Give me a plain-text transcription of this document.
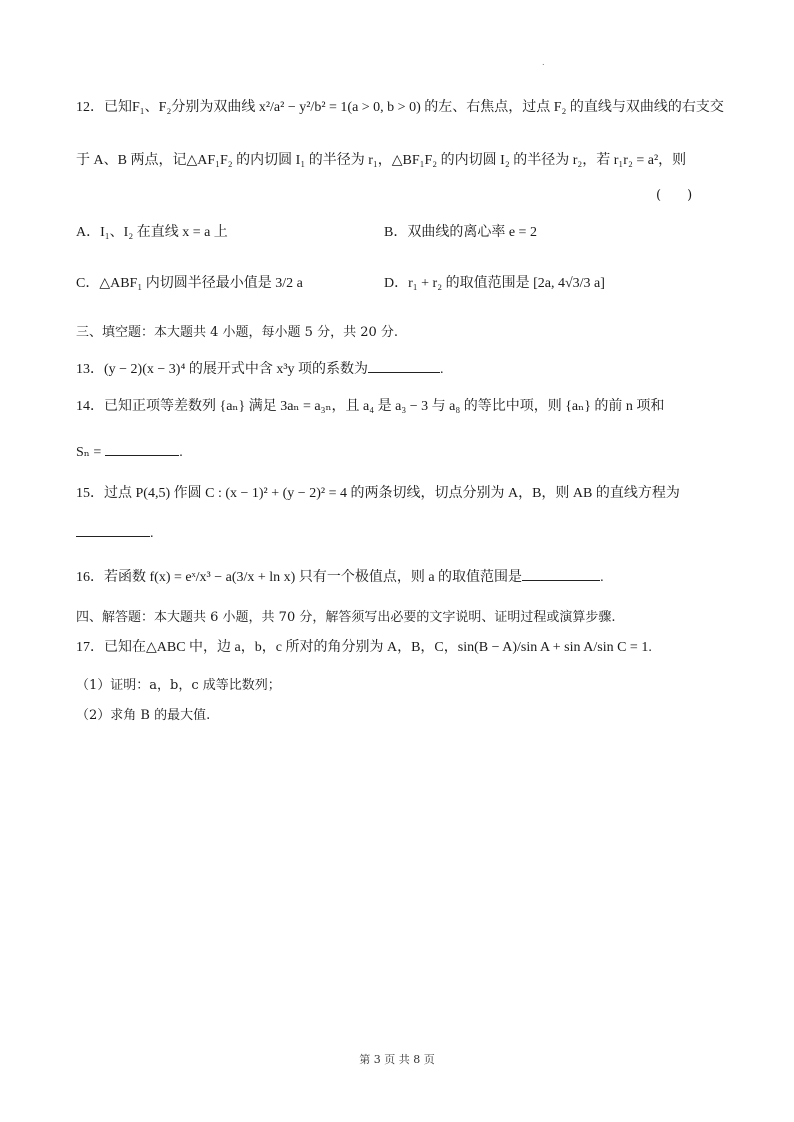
.
12．已知F₁、F₂分别为双曲线 x²/a² − y²/b² = 1(a > 0, b > 0) 的左、右焦点，过点 F₂ 的直线与双曲线的右支交
于 A、B 两点，记△AF₁F₂ 的内切圆 I₁ 的半径为 r₁，△BF₁F₂ 的内切圆 I₂ 的半径为 r₂，若 r₁r₂ = a²，则
(　　)
A．I₁、I₂ 在直线 x = a 上	B．双曲线的离心率 e = 2
C．△ABF₁ 内切圆半径最小值是 3/2 a	D．r₁ + r₂ 的取值范围是 [2a, 4√3/3 a]
三、填空题：本大题共 4 小题，每小题 5 分，共 20 分.
13．(y − 2)(x − 3)⁴ 的展开式中含 x³y 项的系数为	.
14．已知正项等差数列 {aₙ} 满足 3aₙ = a₃ₙ，且 a₄ 是 a₃ − 3 与 a₈ 的等比中项，则 {aₙ} 的前 n 项和
Sₙ =	.
15．过点 P(4,5) 作圆 C : (x − 1)² + (y − 2)² = 4 的两条切线，切点分别为 A，B，则 AB 的直线方程为
.
16．若函数 f(x) = eˣ/x³ − a(3/x + ln x) 只有一个极值点，则 a 的取值范围是	.
四、解答题：本大题共 6 小题，共 70 分，解答须写出必要的文字说明、证明过程或演算步骤.
17．已知在△ABC 中，边 a，b，c 所对的角分别为 A，B，C，sin(B − A)/sin A + sin A/sin C = 1.
（1）证明：a，b，c 成等比数列；
（2）求角 B 的最大值.
第 3 页 共 8 页
